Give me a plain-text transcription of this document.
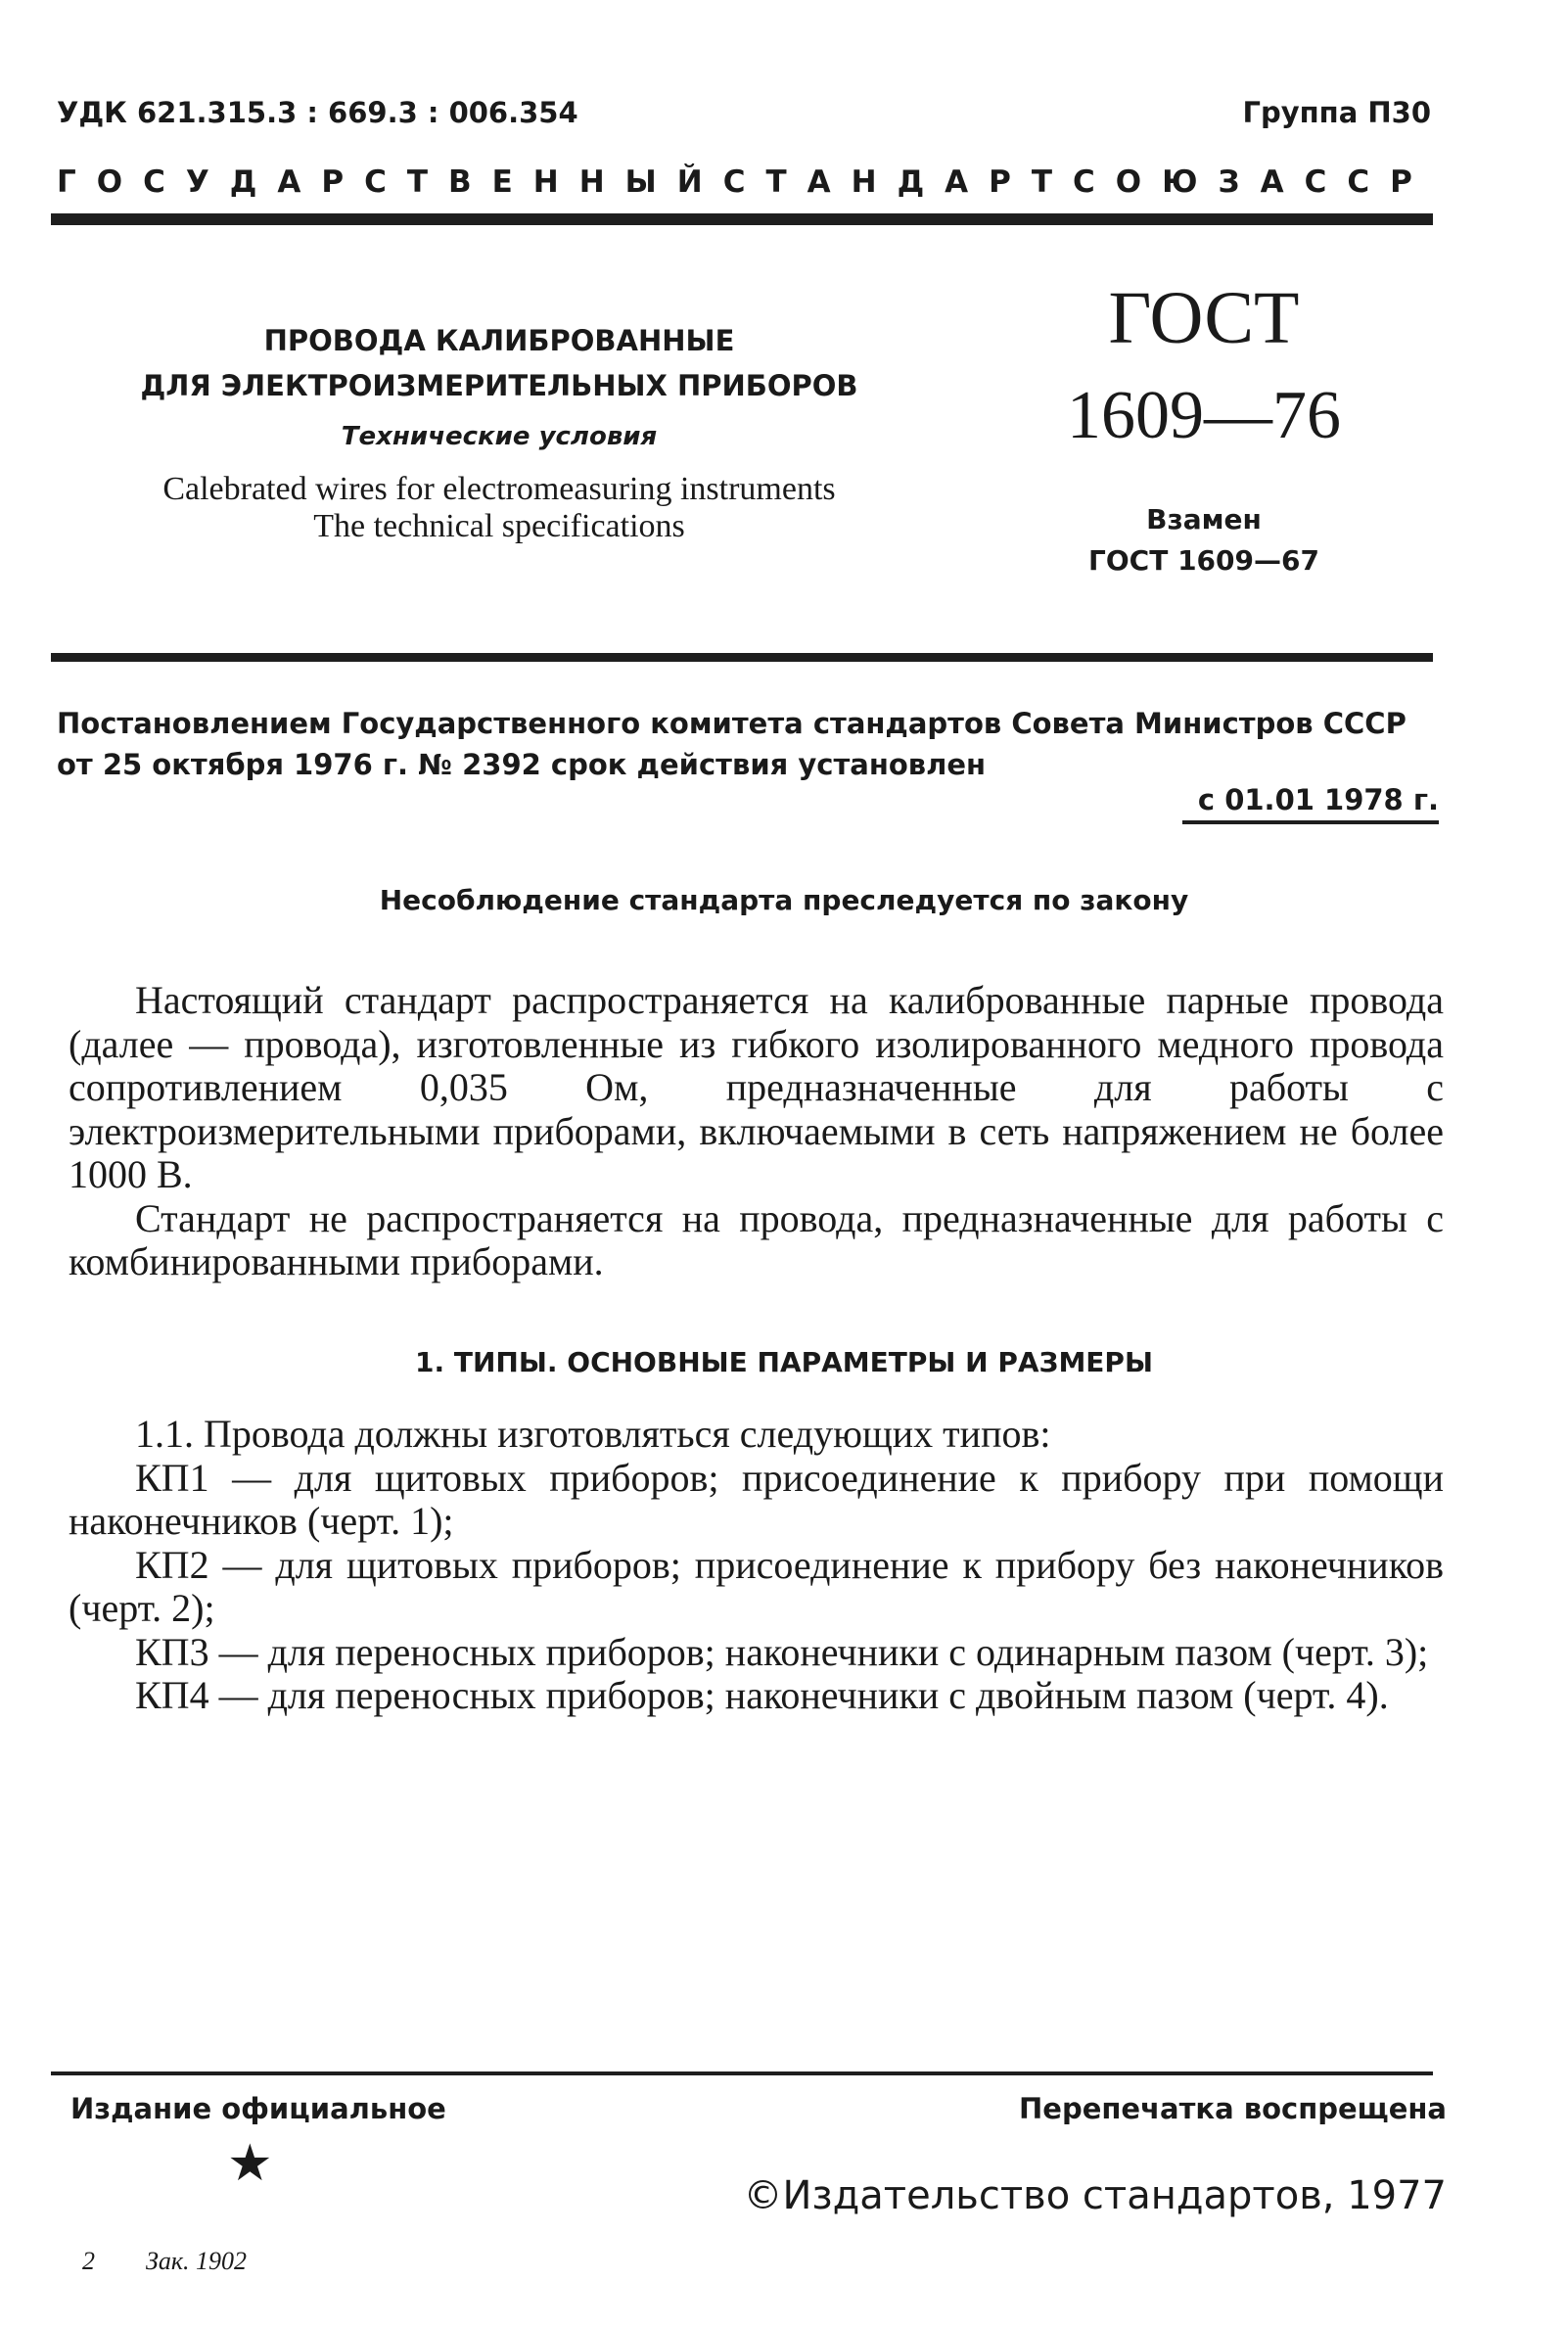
УДК 621.315.3 : 669.3 : 006.354	Группа П30
ГОСУДАРСТВЕННЫЙ СТАНДАРТ СОЮЗА ССР
ПРОВОДА КАЛИБРОВАННЫЕ
ДЛЯ ЭЛЕКТРОИЗМЕРИТЕЛЬНЫХ ПРИБОРОВ
Технические условия
Calebrated wires for electromeasuring instruments
The technical specifications
ГОСТ
1609—76
Взамен
ГОСТ 1609—67
Постановлением Государственного комитета стандартов Совета Министров СССР от 25 октября 1976 г. № 2392 срок действия установлен
с 01.01 1978 г.
Несоблюдение стандарта преследуется по закону

Настоящий стандарт распространяется на калиброванные парные провода (далее — провода), изготовленные из гибкого изолированного медного провода сопротивлением 0,035 Ом, предназначенные для работы с электроизмерительными приборами, включаемыми в сеть напряжением не более 1000 В.

Стандарт не распространяется на провода, предназначенные для работы с комбинированными приборами.

1. ТИПЫ. ОСНОВНЫЕ ПАРАМЕТРЫ И РАЗМЕРЫ

1.1. Провода должны изготовляться следующих типов:

КП1 — для щитовых приборов; присоединение к прибору при помощи наконечников (черт. 1);

КП2 — для щитовых приборов; присоединение к прибору без наконечников (черт. 2);

КП3 — для переносных приборов; наконечники с одинарным пазом (черт. 3);

КП4 — для переносных приборов; наконечники с двойным пазом (черт. 4).

Издание официальное	Перепечатка воспрещена
★
©Издательство стандартов, 1977
2 Зак. 1902
